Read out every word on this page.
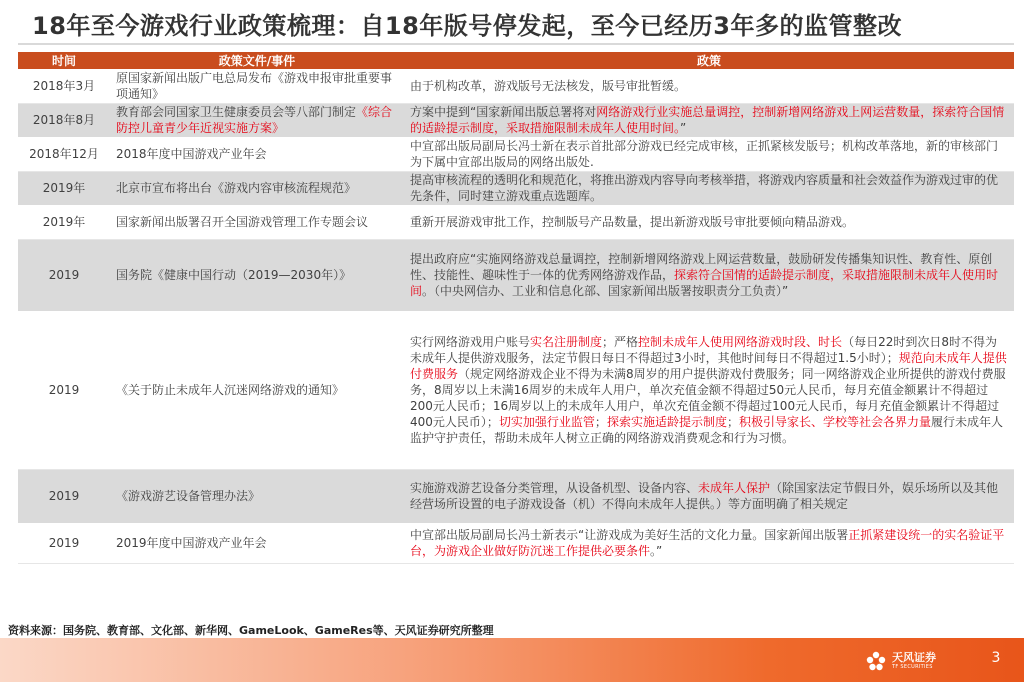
18年至今游戏行业政策梳理：自18年版号停发起，至今已经历3年多的监管整改
时间	政策文件/事件	政策
2018年3月	原国家新闻出版广电总局发布《游戏申报审批重要事项通知》	由于机构改革，游戏版号无法核发，版号审批暂缓。
2018年8月	教育部会同国家卫生健康委员会等八部门制定《综合防控儿童青少年近视实施方案》	方案中提到“国家新闻出版总署将对网络游戏行业实施总量调控，控制新增网络游戏上网运营数量，探索符合国情的适龄提示制度，采取措施限制未成年人使用时间。”
2018年12月	2018年度中国游戏产业年会	中宣部出版局副局长冯士新在表示首批部分游戏已经完成审核，正抓紧核发版号；机构改革落地，新的审核部门为下属中宣部出版局的网络出版处.
2019年	北京市宣布将出台《游戏内容审核流程规范》	提高审核流程的透明化和规范化，将推出游戏内容导向考核举措，将游戏内容质量和社会效益作为游戏过审的优先条件，同时建立游戏重点选题库。
2019年	国家新闻出版署召开全国游戏管理工作专题会议	重新开展游戏审批工作，控制版号产品数量，提出新游戏版号审批要倾向精品游戏。
2019	国务院《健康中国行动（2019—2030年）》	提出政府应“实施网络游戏总量调控，控制新增网络游戏上网运营数量，鼓励研发传播集知识性、教育性、原创性、技能性、趣味性于一体的优秀网络游戏作品，探索符合国情的适龄提示制度，采取措施限制未成年人使用时间。（中央网信办、工业和信息化部、国家新闻出版署按职责分工负责）”
2019	《关于防止未成年人沉迷网络游戏的通知》	实行网络游戏用户账号实名注册制度；严格控制未成年人使用网络游戏时段、时长（每日22时到次日8时不得为未成年人提供游戏服务，法定节假日每日不得超过3小时，其他时间每日不得超过1.5小时）；规范向未成年人提供付费服务（规定网络游戏企业不得为未满8周岁的用户提供游戏付费服务；同一网络游戏企业所提供的游戏付费服务，8周岁以上未满16周岁的未成年人用户，单次充值金额不得超过50元人民币，每月充值金额累计不得超过200元人民币；16周岁以上的未成年人用户，单次充值金额不得超过100元人民币，每月充值金额累计不得超过400元人民币）；切实加强行业监管；探索实施适龄提示制度；积极引导家长、学校等社会各界力量履行未成年人监护守护责任，帮助未成年人树立正确的网络游戏消费观念和行为习惯。
2019	《游戏游艺设备管理办法》	实施游戏游艺设备分类管理，从设备机型、设备内容、未成年人保护（除国家法定节假日外，娱乐场所以及其他经营场所设置的电子游戏设备（机）不得向未成年人提供。）等方面明确了相关规定
2019	2019年度中国游戏产业年会	中宣部出版局副局长冯士新表示“让游戏成为美好生活的文化力量。国家新闻出版署正抓紧建设统一的实名验证平台，为游戏企业做好防沉迷工作提供必要条件。”
资料来源：国务院、教育部、文化部、新华网、GameLook、GameRes等、天风证券研究所整理
天风证券
TF SECURITIES
3
